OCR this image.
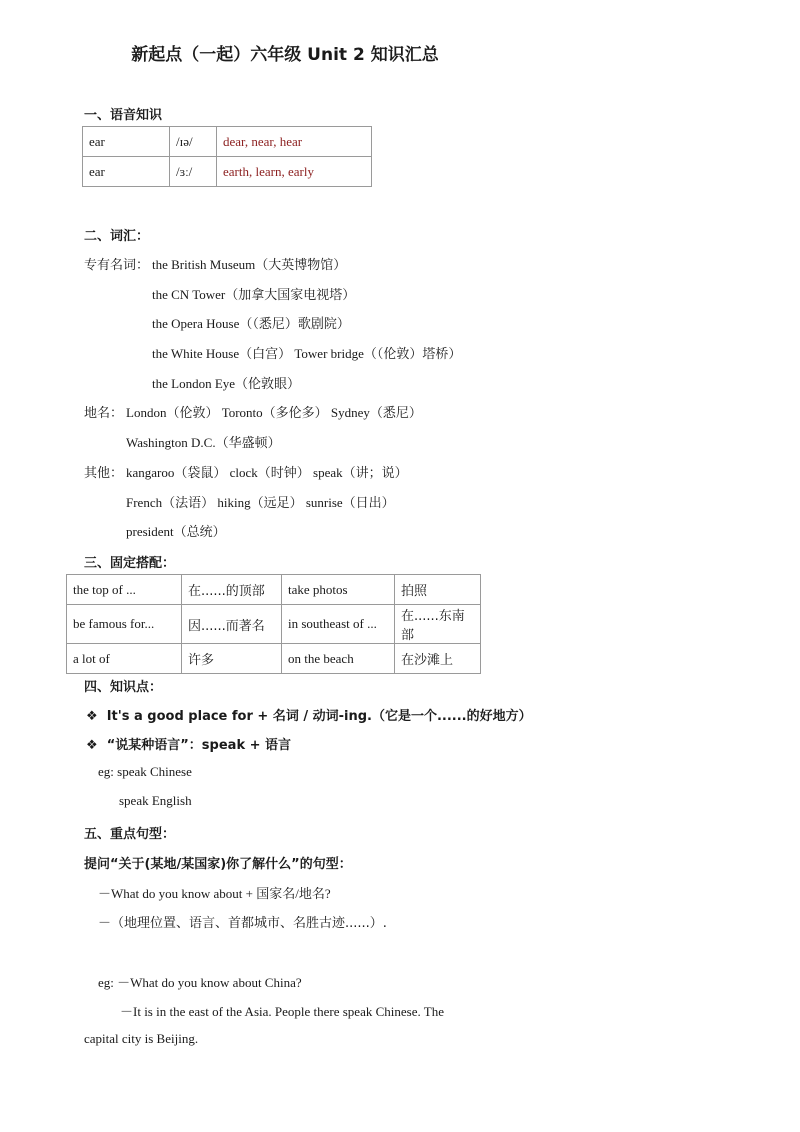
新起点（一起）六年级 Unit 2 知识汇总
一、语音知识
ear	/ɪə/	dear, near, hear
ear	/ɜː/	earth, learn, early
二、词汇：
专有名词： the British Museum（大英博物馆）
the CN Tower（加拿大国家电视塔）
the Opera House（（悉尼）歌剧院）
the White House（白宫） Tower bridge（（伦敦）塔桥）
the London Eye（伦敦眼）
地名： London（伦敦） Toronto（多伦多） Sydney（悉尼）
Washington D.C.（华盛顿）
其他： kangaroo（袋鼠） clock（时钟） speak（讲；说）
French（法语） hiking（远足） sunrise（日出）
president（总统）
三、固定搭配：
the top of ...	在......的顶部	take photos	拍照
be famous for...	因......而著名	in southeast of ...	在......东南部
a lot of	许多	on the beach	在沙滩上
四、知识点：
❖ It's a good place for + 名词 / 动词-ing.（它是一个......的好地方）
❖ “说某种语言”：speak + 语言
eg: speak Chinese
speak English
五、重点句型：
提问“关于(某地/某国家)你了解什么”的句型：
－What do you know about + 国家名/地名?
－（地理位置、语言、首都城市、名胜古迹......）.
eg: －What do you know about China?
－It is in the east of the Asia. People there speak Chinese. The
capital city is Beijing.
